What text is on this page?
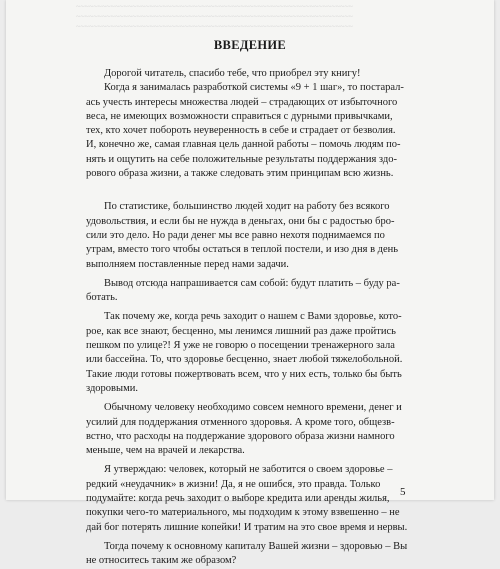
~~~~~~~~~~~~~~~~~~~~~~~~~~~~~~~~~~~~~~~~~~~~~~~~~~~~~~~~~~~~~~~~
~~~~~~~~~~~~~~~~~~~~~~~~~~~~~~~~~~~~~~~~~~~~~~~~~~~~~~~~~~~~~~~~
~~~~~~~~~~~~~~~~~~~~~~~~~~~~~~~~~~~~~~~~~~~~~~~~~~~~~~~~~~~~~~~~
ВВЕДЕНИЕ
Дорогой читатель, спасибо тебе, что приобрел эту книгу!
Когда я занималась разработкой системы «9 + 1 шаг», то постарал-
ась учесть интересы множества людей – страдающих от избыточного
веса, не имеющих возможности справиться с дурными привычками,
тех, кто хочет побороть неуверенность в себе и страдает от безволия.
И, конечно же, самая главная цель данной работы – помочь людям по-
нять и ощутить на себе положительные результаты поддержания здо-
рового образа жизни, а также следовать этим принципам всю жизнь.
По статистике, большинство людей ходит на работу без всякого
удовольствия, и если бы не нужда в деньгах, они бы с радостью бро-
сили это дело. Но ради денег мы все равно нехотя поднимаемся по
утрам, вместо того чтобы остаться в теплой постели, и изо дня в день
выполняем поставленные перед нами задачи.
Вывод отсюда напрашивается сам собой: будут платить – буду ра-
ботать.
Так почему же, когда речь заходит о нашем с Вами здоровье, кото-
рое, как все знают, бесценно, мы ленимся лишний раз даже пройтись
пешком по улице?! Я уже не говорю о посещении тренажерного зала
или бассейна. То, что здоровье бесценно, знает любой тяжелобольной.
Такие люди готовы пожертвовать всем, что у них есть, только бы быть
здоровыми.
Обычному человеку необходимо совсем немного времени, денег и
усилий для поддержания отменного здоровья. А кроме того, общезв-
встно, что расходы на поддержание здорового образа жизни намного
меньше, чем на врачей и лекарства.
Я утверждаю: человек, который не заботится о своем здоровье –
редкий «неудачник» в жизни! Да, я не ошибся, это правда. Только
подумайте: когда речь заходит о выборе кредита или аренды жилья,
покупки чего-то материального, мы подходим к этому взвешенно – не
дай бог потерять лишние копейки! И тратим на это свое время и нервы.
Тогда почему к основному капиталу Вашей жизни – здоровью – Вы
не относитесь таким же образом?
5
